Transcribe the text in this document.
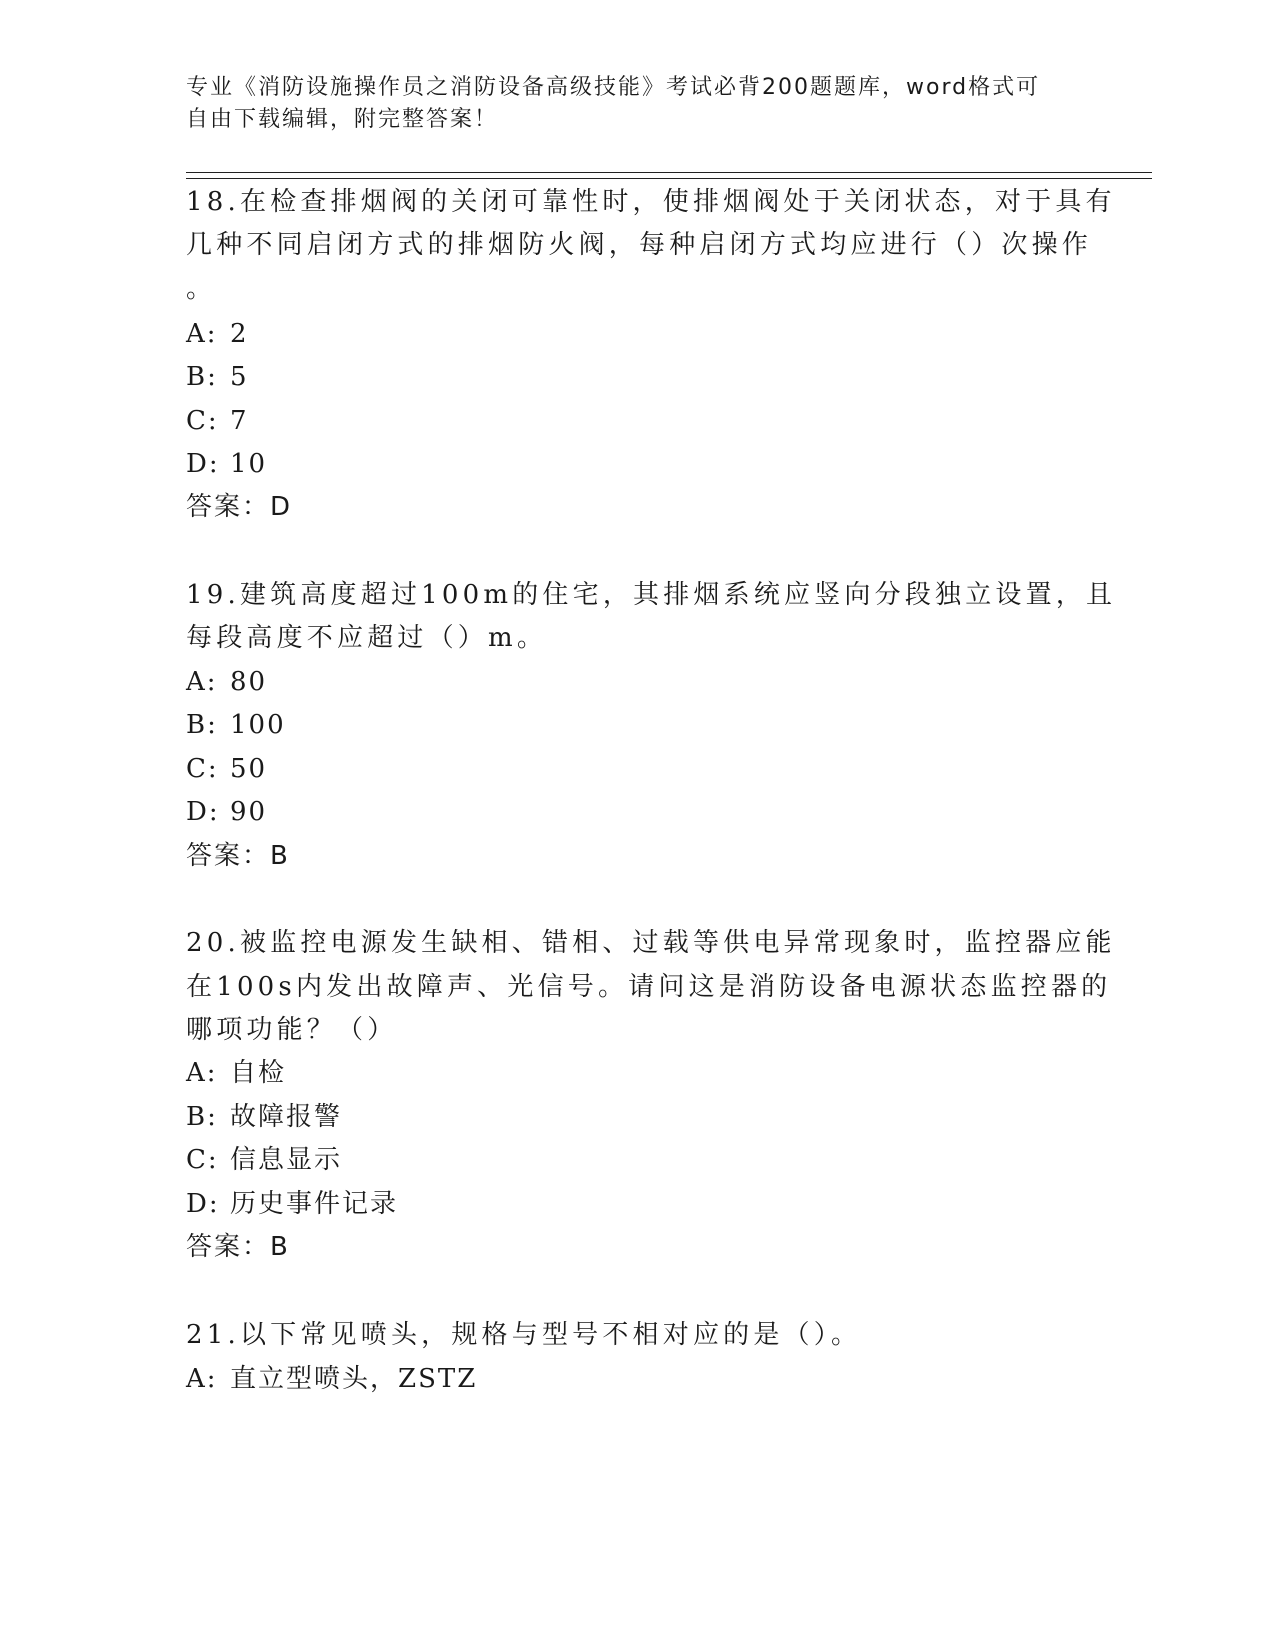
专业《消防设施操作员之消防设备高级技能》考试必背200题题库，word格式可
自由下载编辑，附完整答案！
18.在检查排烟阀的关闭可靠性时，使排烟阀处于关闭状态，对于具有
几种不同启闭方式的排烟防火阀，每种启闭方式均应进行（）次操作
。
A: 2
B: 5
C: 7
D: 10
答案：D
19.建筑高度超过100m的住宅，其排烟系统应竖向分段独立设置，且
每段高度不应超过（）m。
A: 80
B: 100
C: 50
D: 90
答案：B
20.被监控电源发生缺相、错相、过载等供电异常现象时，监控器应能
在100s内发出故障声、光信号。请问这是消防设备电源状态监控器的
哪项功能？（）
A: 自检
B: 故障报警
C: 信息显示
D: 历史事件记录
答案：B
21.以下常见喷头，规格与型号不相对应的是（）。
A: 直立型喷头，ZSTZ
